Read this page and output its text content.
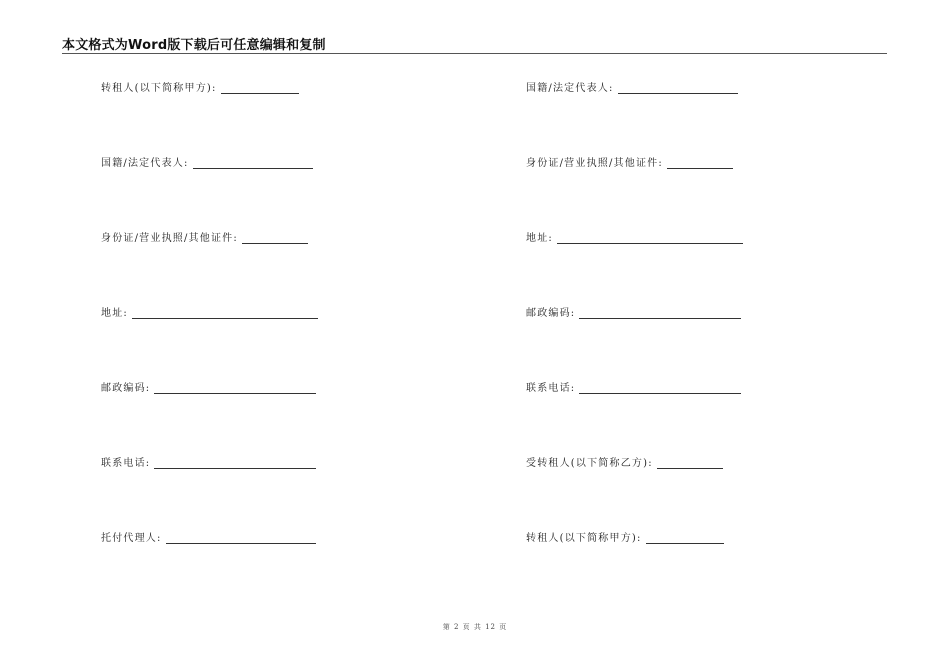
本文格式为Word版下载后可任意编辑和复制
转租人(以下简称甲方):
国籍/法定代表人:
身份证/营业执照/其他证件:
地址:
邮政编码:
联系电话:
托付代理人:
国籍/法定代表人:
身份证/营业执照/其他证件:
地址:
邮政编码:
联系电话:
受转租人(以下简称乙方):
转租人(以下简称甲方):
第 2 页 共 12 页
